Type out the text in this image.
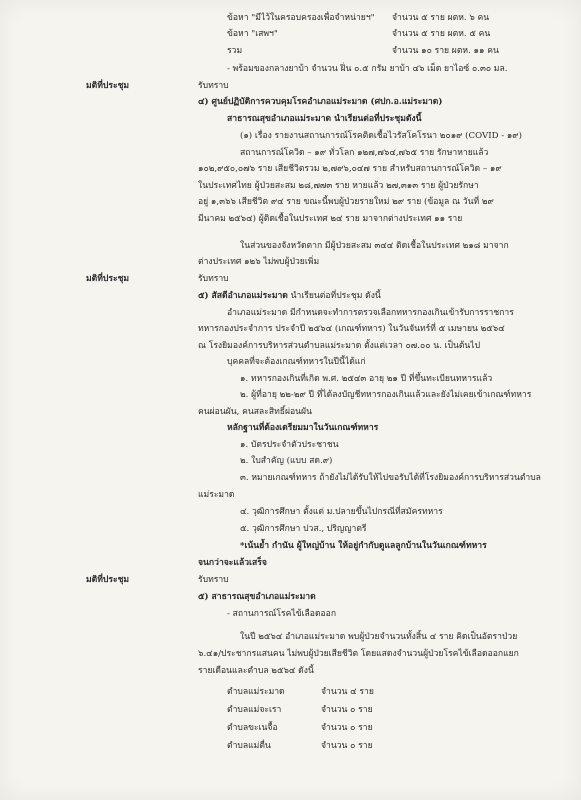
ข้อหา "มีไว้ในครอบครองเพื่อจำหน่ายฯ" จำนวน ๕ ราย ผตห. ๖ คน
ข้อหา "เสพฯ"	จำนวน ๕ ราย ผตห. ๕ คน
รวม	จำนวน ๑๐ ราย ผตห. ๑๑ คน
- พร้อมของกลางยาบ้า จำนวน ฝิ่น ๐.๕ กรัม ยาบ้า ๔๖ เม็ด ยาไอซ์ ๐.๓๐ มล.
มติที่ประชุม	รับทราบ
๔) ศูนย์ปฏิบัติการควบคุมโรคอำเภอแม่ระมาด (ศปก.อ.แม่ระมาด)
สาธารณสุขอำเภอแม่ระมาด นำเรียนต่อที่ประชุมดังนี้
(๑) เรื่อง รายงานสถานการณ์โรคติดเชื้อไวรัสโคโรนา ๒๐๑๙ (COVID - ๑๙)
สถานการณ์โควิด – ๑๙ ทั่วโลก ๑๒๗,๗๖๔,๗๖๕ ราย รักษาหายแล้ว
๑๐๒,๙๕๐,๐๗๖ ราย เสียชีวิตรวม ๒,๗๙๖,๐๔๗ ราย สำหรับสถานการณ์โควิด – ๑๙
ในประเทศไทย ผู้ป่วยสะสม ๒๘,๗๗๓ ราย หายแล้ว ๒๗,๓๑๓ ราย ผู้ป่วยรักษา
อยู่ ๑,๓๖๖ เสียชีวิต ๙๔ ราย ขณะนี้พบผู้ป่วยรายใหม่ ๒๙ ราย (ข้อมูล ณ วันที่ ๒๙
มีนาคม ๒๕๖๔) ผู้ติดเชื้อในประเทศ ๒๔ ราย มาจากต่างประเทศ ๑๑ ราย
ในส่วนของจังหวัดตาก มีผู้ป่วยสะสม ๓๔๔ ติดเชื้อในประเทศ ๒๑๘ มาจาก
ต่างประเทศ ๑๒๖ ไม่พบผู้ป่วยเพิ่ม
มติที่ประชุม	รับทราบ
๕) สัสดีอำเภอแม่ระมาด นำเรียนต่อที่ประชุม ดังนี้
อำเภอแม่ระมาด มีกำหนดจะทำการตรวจเลือกทหารกองเกินเข้ารับการราชการ
ทหารกองประจำการ ประจำปี ๒๕๖๔ (เกณฑ์ทหาร) ในวันจันทร์ที่ ๕ เมษายน ๒๕๖๔
ณ โรงยิมองค์การบริหารส่วนตำบลแม่ระมาด ตั้งแต่เวลา ๐๗.๐๐ น. เป็นต้นไป
บุคคลที่จะต้องเกณฑ์ทหารในปีนี้ได้แก่
๑. ทหารกองเกินที่เกิด พ.ศ. ๒๕๔๓ อายุ ๒๑ ปี ที่ขึ้นทะเบียนทหารแล้ว
๒. ผู้ที่อายุ ๒๒-๒๙ ปี ที่ได้ลงบัญชีทหารกองเกินแล้วและยังไม่เคยเข้าเกณฑ์ทหาร
คนผ่อนผัน, คนสละสิทธิ์ผ่อนผัน
หลักฐานที่ต้องเตรียมมาในวันเกณฑ์ทหาร
๑. บัตรประจำตัวประชาชน
๒. ใบสำคัญ (แบบ สด.๙)
๓. หมายเกณฑ์ทหาร ถ้ายังไม่ได้รับให้ไปขอรับได้ที่โรงยิมองค์การบริหารส่วนตำบล
แม่ระมาด
๔. วุฒิการศึกษา ตั้งแต่ ม.ปลายขึ้นไปกรณีที่สมัครทหาร
๕. วุฒิการศึกษา ปวส., ปริญญาตรี
*เน้นย้ำ กำนัน ผู้ใหญ่บ้าน ให้อยู่กำกับดูแลลูกบ้านในวันเกณฑ์ทหาร
จนกว่าจะแล้วเสร็จ
มติที่ประชุม	รับทราบ
๕) สาธารณสุขอำเภอแม่ระมาด
- สถานการณ์โรคไข้เลือดออก
ในปี ๒๕๖๔ อำเภอแม่ระมาด พบผู้ป่วยจำนวนทั้งสิ้น ๔ ราย คิดเป็นอัตราป่วย
๖.๔๑/ประชากรแสนคน ไม่พบผู้ป่วยเสียชีวิต โดยแสดงจำนวนผู้ป่วยโรคไข้เลือดออกแยก
รายเดือนและตำบล ๒๕๖๔ ดังนี้
ตำบลแม่ระมาด	จำนวน ๔ ราย
ตำบลแม่จะเรา	จำนวน ๐ ราย
ตำบลขะเนจื้อ	จำนวน ๐ ราย
ตำบลแม่ตื่น	จำนวน ๐ ราย
